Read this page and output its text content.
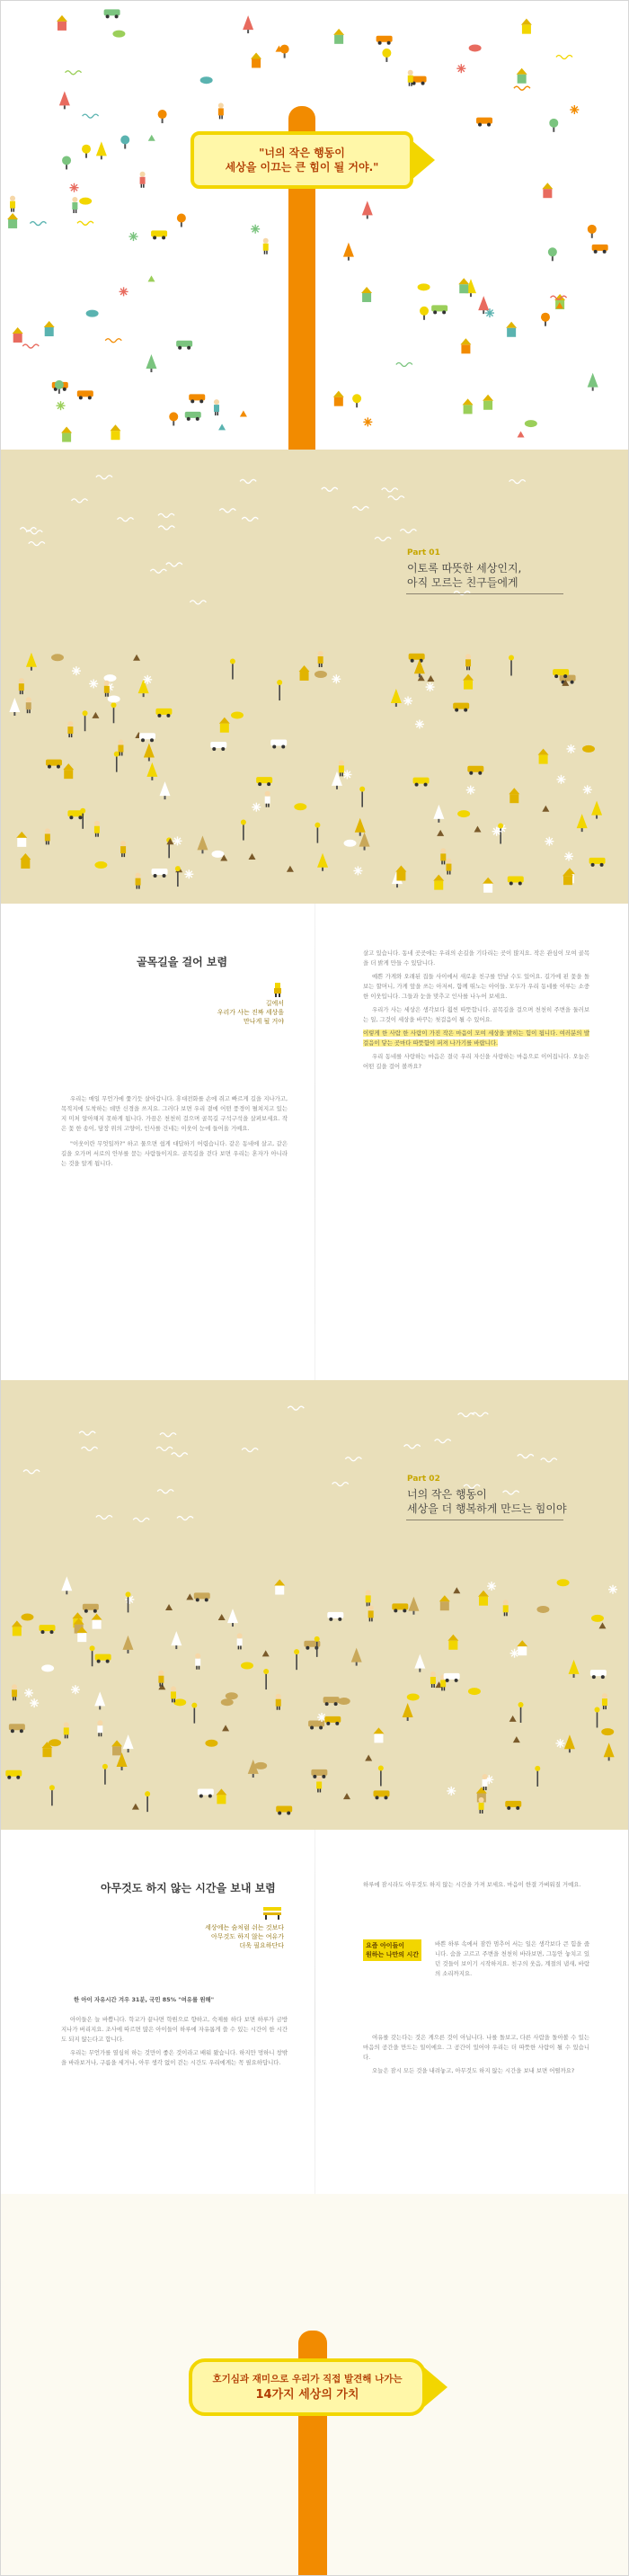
"너의 작은 행동이
세상을 이끄는 큰 힘이 될 거야."
Part 01
이토록 따뜻한 세상인지,
아직 모르는 친구들에게
골목길을 걸어 보렴
길에서
우리가 사는 진짜 세상을
만나게 될 거야

우리는 매일 무언가에 쫓기듯 살아갑니다. 휴대전화를 손에 쥐고 빠르게 길을 지나가고, 목적지에 도착하는 데만 신경을 쓰지요. 그러다 보면 우리 곁에 어떤 풍경이 펼쳐지고 있는지 미처 알아채지 못하게 됩니다. 가끔은 천천히 걸으며 골목길 구석구석을 살펴보세요. 작은 꽃 한 송이, 담장 위의 고양이, 인사를 건네는 이웃이 눈에 들어올 거예요.

"이웃이란 무엇일까?" 하고 물으면 쉽게 대답하기 어렵습니다. 같은 동네에 살고, 같은 길을 오가며 서로의 안부를 묻는 사람들이지요. 골목길을 걷다 보면 우리는 혼자가 아니라는 것을 알게 됩니다.

살고 있습니다. 동네 곳곳에는 우리의 손길을 기다리는 곳이 많지요. 작은 관심이 모여 골목을 더 밝게 만들 수 있답니다.

예쁜 가게와 오래된 집들 사이에서 새로운 친구를 만날 수도 있어요. 길가에 핀 꽃을 돌보는 할머니, 가게 앞을 쓰는 아저씨, 함께 뛰노는 아이들. 모두가 우리 동네를 이루는 소중한 이웃입니다. 그들과 눈을 맞추고 인사를 나누어 보세요.

우리가 사는 세상은 생각보다 훨씬 따뜻합니다. 골목길을 걸으며 천천히 주변을 둘러보는 일, 그것이 세상을 바꾸는 첫걸음이 될 수 있어요.

이렇게 한 사람 한 사람이 가진 작은 마음이 모여 세상을 밝히는 힘이 됩니다. 여러분의 발걸음이 닿는 곳마다 따뜻함이 퍼져 나가기를 바랍니다.

우리 동네를 사랑하는 마음은 결국 우리 자신을 사랑하는 마음으로 이어집니다. 오늘은 어떤 길을 걸어 볼까요?

Part 02
너의 작은 행동이
세상을 더 행복하게 만드는 힘이야
아무것도 하지 않는 시간을 보내 보렴
세상에는 숨처럼 쉬는 것보다
아무것도 하지 않는 여유가
더욱 필요하단다
한 아이 자유시간 겨우 31분, 국민 85% "여유를 원해"

아이들은 늘 바쁩니다. 학교가 끝나면 학원으로 향하고, 숙제를 하다 보면 하루가 금방 지나가 버리지요. 조사에 따르면 많은 아이들이 하루에 자유롭게 쓸 수 있는 시간이 한 시간도 되지 않는다고 합니다.

우리는 무언가를 열심히 하는 것만이 좋은 것이라고 배워 왔습니다. 하지만 멍하니 창밖을 바라보거나, 구름을 세거나, 아무 생각 없이 걷는 시간도 우리에게는 꼭 필요하답니다.

하루에 잠시라도 아무것도 하지 않는 시간을 가져 보세요. 마음이 한결 가벼워질 거예요.

요즘 아이들이
원하는 나만의 시간

바쁜 하루 속에서 잠깐 멈추어 서는 일은 생각보다 큰 힘을 줍니다. 숨을 고르고 주변을 천천히 바라보면, 그동안 놓치고 있던 것들이 보이기 시작하지요. 친구의 웃음, 계절의 냄새, 바람의 소리까지요.

여유를 갖는다는 것은 게으른 것이 아닙니다. 나를 돌보고, 다른 사람을 돌아볼 수 있는 마음의 공간을 만드는 일이에요. 그 공간이 있어야 우리는 더 따뜻한 사람이 될 수 있습니다.

오늘은 잠시 모든 것을 내려놓고, 아무것도 하지 않는 시간을 보내 보면 어떨까요?

호기심과 재미으로 우리가 직접 발견해 나가는
14가지 세상의 가치
